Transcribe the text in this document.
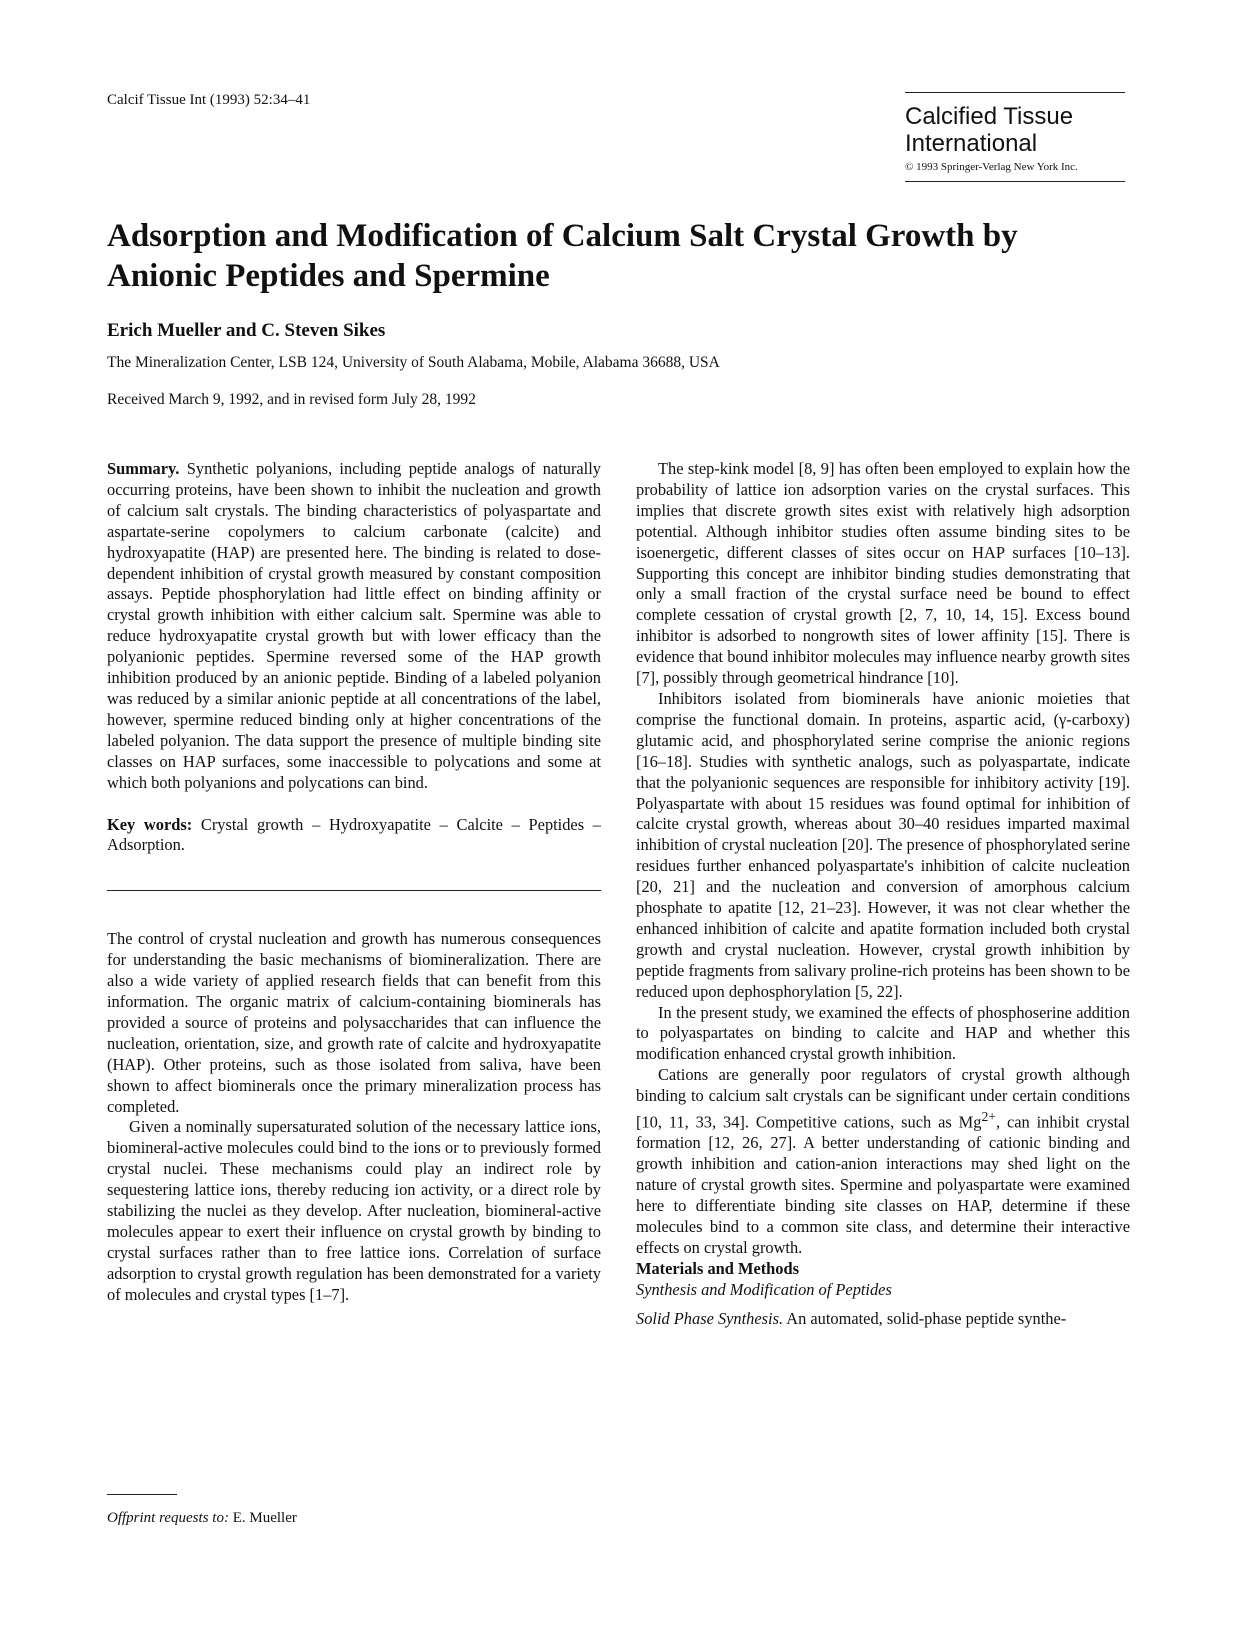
Calcif Tissue Int (1993) 52:34–41
Calcified Tissue
International
© 1993 Springer-Verlag New York Inc.
Adsorption and Modification of Calcium Salt Crystal Growth by Anionic Peptides and Spermine
Erich Mueller and C. Steven Sikes
The Mineralization Center, LSB 124, University of South Alabama, Mobile, Alabama 36688, USA
Received March 9, 1992, and in revised form July 28, 1992

Summary. Synthetic polyanions, including peptide analogs of naturally occurring proteins, have been shown to inhibit the nucleation and growth of calcium salt crystals. The binding characteristics of polyaspartate and aspartate-serine copolymers to calcium carbonate (calcite) and hydroxyapatite (HAP) are presented here. The binding is related to dose-dependent inhibition of crystal growth measured by constant composition assays. Peptide phosphorylation had little effect on binding affinity or crystal growth inhibition with either calcium salt. Spermine was able to reduce hydroxyapatite crystal growth but with lower efficacy than the polyanionic peptides. Spermine reversed some of the HAP growth inhibition produced by an anionic peptide. Binding of a labeled polyanion was reduced by a similar anionic peptide at all concentrations of the label, however, spermine reduced binding only at higher concentrations of the labeled polyanion. The data support the presence of multiple binding site classes on HAP surfaces, some inaccessible to polycations and some at which both polyanions and polycations can bind.

Key words: Crystal growth – Hydroxyapatite – Calcite – Peptides – Adsorption.

The control of crystal nucleation and growth has numerous consequences for understanding the basic mechanisms of biomineralization. There are also a wide variety of applied research fields that can benefit from this information. The organic matrix of calcium-containing biominerals has provided a source of proteins and polysaccharides that can influence the nucleation, orientation, size, and growth rate of calcite and hydroxyapatite (HAP). Other proteins, such as those isolated from saliva, have been shown to affect biominerals once the primary mineralization process has completed.

Given a nominally supersaturated solution of the necessary lattice ions, biomineral-active molecules could bind to the ions or to previously formed crystal nuclei. These mechanisms could play an indirect role by sequestering lattice ions, thereby reducing ion activity, or a direct role by stabilizing the nuclei as they develop. After nucleation, biomineral-active molecules appear to exert their influence on crystal growth by binding to crystal surfaces rather than to free lattice ions. Correlation of surface adsorption to crystal growth regulation has been demonstrated for a variety of molecules and crystal types [1–7].

The step-kink model [8, 9] has often been employed to explain how the probability of lattice ion adsorption varies on the crystal surfaces. This implies that discrete growth sites exist with relatively high adsorption potential. Although inhibitor studies often assume binding sites to be isoenergetic, different classes of sites occur on HAP surfaces [10–13]. Supporting this concept are inhibitor binding studies demonstrating that only a small fraction of the crystal surface need be bound to effect complete cessation of crystal growth [2, 7, 10, 14, 15]. Excess bound inhibitor is adsorbed to nongrowth sites of lower affinity [15]. There is evidence that bound inhibitor molecules may influence nearby growth sites [7], possibly through geometrical hindrance [10].

Inhibitors isolated from biominerals have anionic moieties that comprise the functional domain. In proteins, aspartic acid, (γ-carboxy) glutamic acid, and phosphorylated serine comprise the anionic regions [16–18]. Studies with synthetic analogs, such as polyaspartate, indicate that the polyanionic sequences are responsible for inhibitory activity [19]. Polyaspartate with about 15 residues was found optimal for inhibition of calcite crystal growth, whereas about 30–40 residues imparted maximal inhibition of crystal nucleation [20]. The presence of phosphorylated serine residues further enhanced polyaspartate's inhibition of calcite nucleation [20, 21] and the nucleation and conversion of amorphous calcium phosphate to apatite [12, 21–23]. However, it was not clear whether the enhanced inhibition of calcite and apatite formation included both crystal growth and crystal nucleation. However, crystal growth inhibition by peptide fragments from salivary proline-rich proteins has been shown to be reduced upon dephosphorylation [5, 22].

In the present study, we examined the effects of phosphoserine addition to polyaspartates on binding to calcite and HAP and whether this modification enhanced crystal growth inhibition.

Cations are generally poor regulators of crystal growth although binding to calcium salt crystals can be significant under certain conditions [10, 11, 33, 34]. Competitive cations, such as $Mg^{2+}$, can inhibit crystal formation [12, 26, 27]. A better understanding of cationic binding and growth inhibition and cation-anion interactions may shed light on the nature of crystal growth sites. Spermine and polyaspartate were examined here to differentiate binding site classes on HAP, determine if these molecules bind to a common site class, and determine their interactive effects on crystal growth.

Materials and Methods

Synthesis and Modification of Peptides

Solid Phase Synthesis. An automated, solid-phase peptide synthe-

Offprint requests to: E. Mueller
